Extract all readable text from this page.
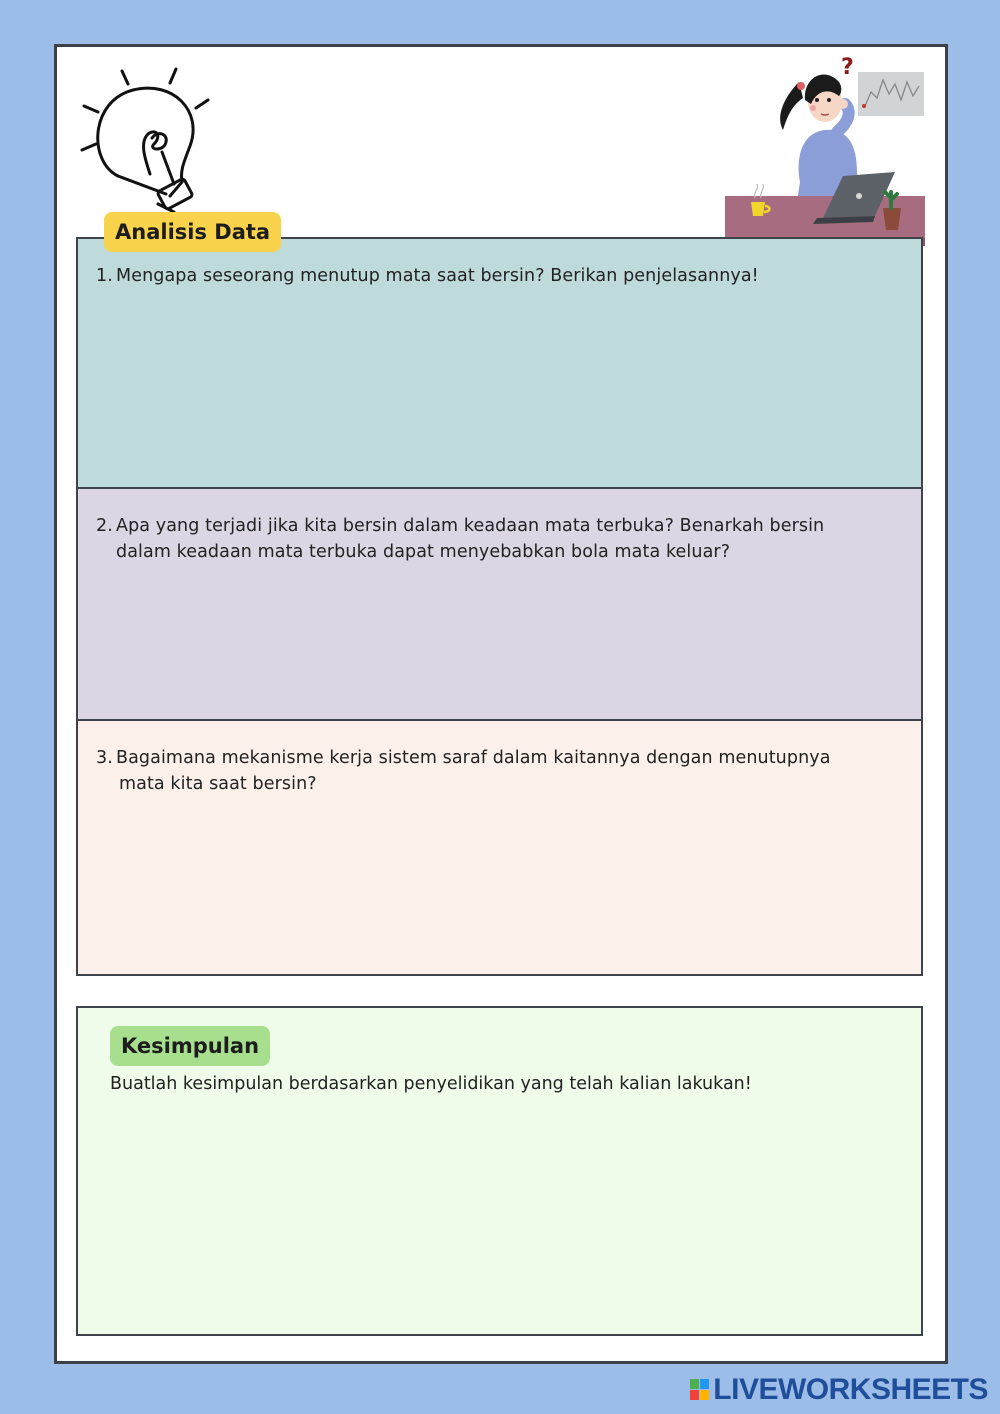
?
1. Mengapa seseorang menutup mata saat bersin? Berikan penjelasannya!
2. Apa yang terjadi jika kita bersin dalam keadaan mata terbuka? Benarkah bersin
dalam keadaan mata terbuka dapat menyebabkan bola mata keluar?
3. Bagaimana mekanisme kerja sistem saraf dalam kaitannya dengan menutupnya
mata kita saat bersin?
Analisis Data
Kesimpulan
Buatlah kesimpulan berdasarkan penyelidikan yang telah kalian lakukan!
LIVEWORKSHEETS
